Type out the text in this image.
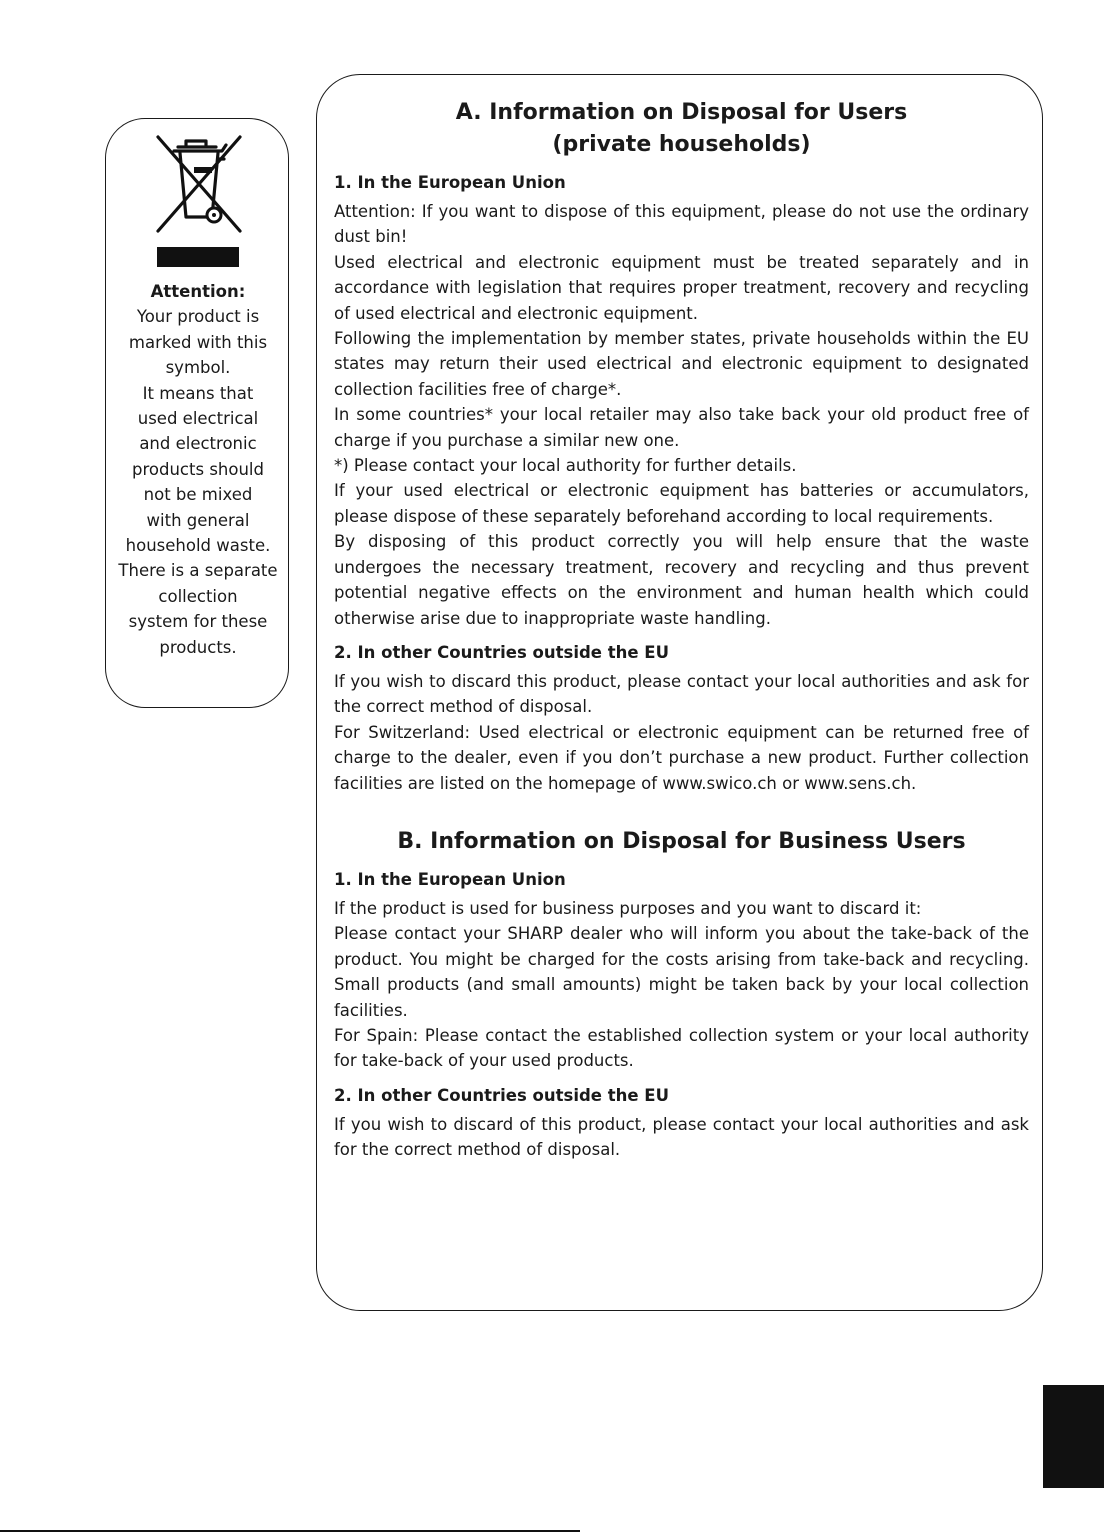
Attention:
Your product is
marked with this
symbol.
It means that
used electrical
and electronic
products should
not be mixed
with general
household waste.
There is a separate
collection
system for these
products.
A. Information on Disposal for Users
(private households)
1. In the European Union

Attention: If you want to dispose of this equipment, please do not use the ordinary dust bin!

Used electrical and electronic equipment must be treated separately and in accordance with legislation that requires proper treatment, recovery and recycling of used electrical and electronic equipment.

Following the implementation by member states, private households within the EU states may return their used electrical and electronic equipment to designated collection facilities free of charge*.

In some countries* your local retailer may also take back your old product free of charge if you purchase a similar new one.

*) Please contact your local authority for further details.

If your used electrical or electronic equipment has batteries or accumulators, please dispose of these separately beforehand according to local requirements.

By disposing of this product correctly you will help ensure that the waste undergoes the necessary treatment, recovery and recycling and thus prevent potential negative effects on the environment and human health which could otherwise arise due to inappropriate waste handling.

2. In other Countries outside the EU

If you wish to discard this product, please contact your local authorities and ask for the correct method of disposal.

For Switzerland: Used electrical or electronic equipment can be returned free of charge to the dealer, even if you don’t purchase a new product. Further collection facilities are listed on the homepage of www.swico.ch or www.sens.ch.

B. Information on Disposal for Business Users
1. In the European Union

If the product is used for business purposes and you want to discard it:

Please contact your SHARP dealer who will inform you about the take-back of the product. You might be charged for the costs arising from take-back and recycling. Small products (and small amounts) might be taken back by your local collection facilities.

For Spain: Please contact the established collection system or your local authority for take-back of your used products.

2. In other Countries outside the EU

If you wish to discard of this product, please contact your local authorities and ask for the correct method of disposal.
